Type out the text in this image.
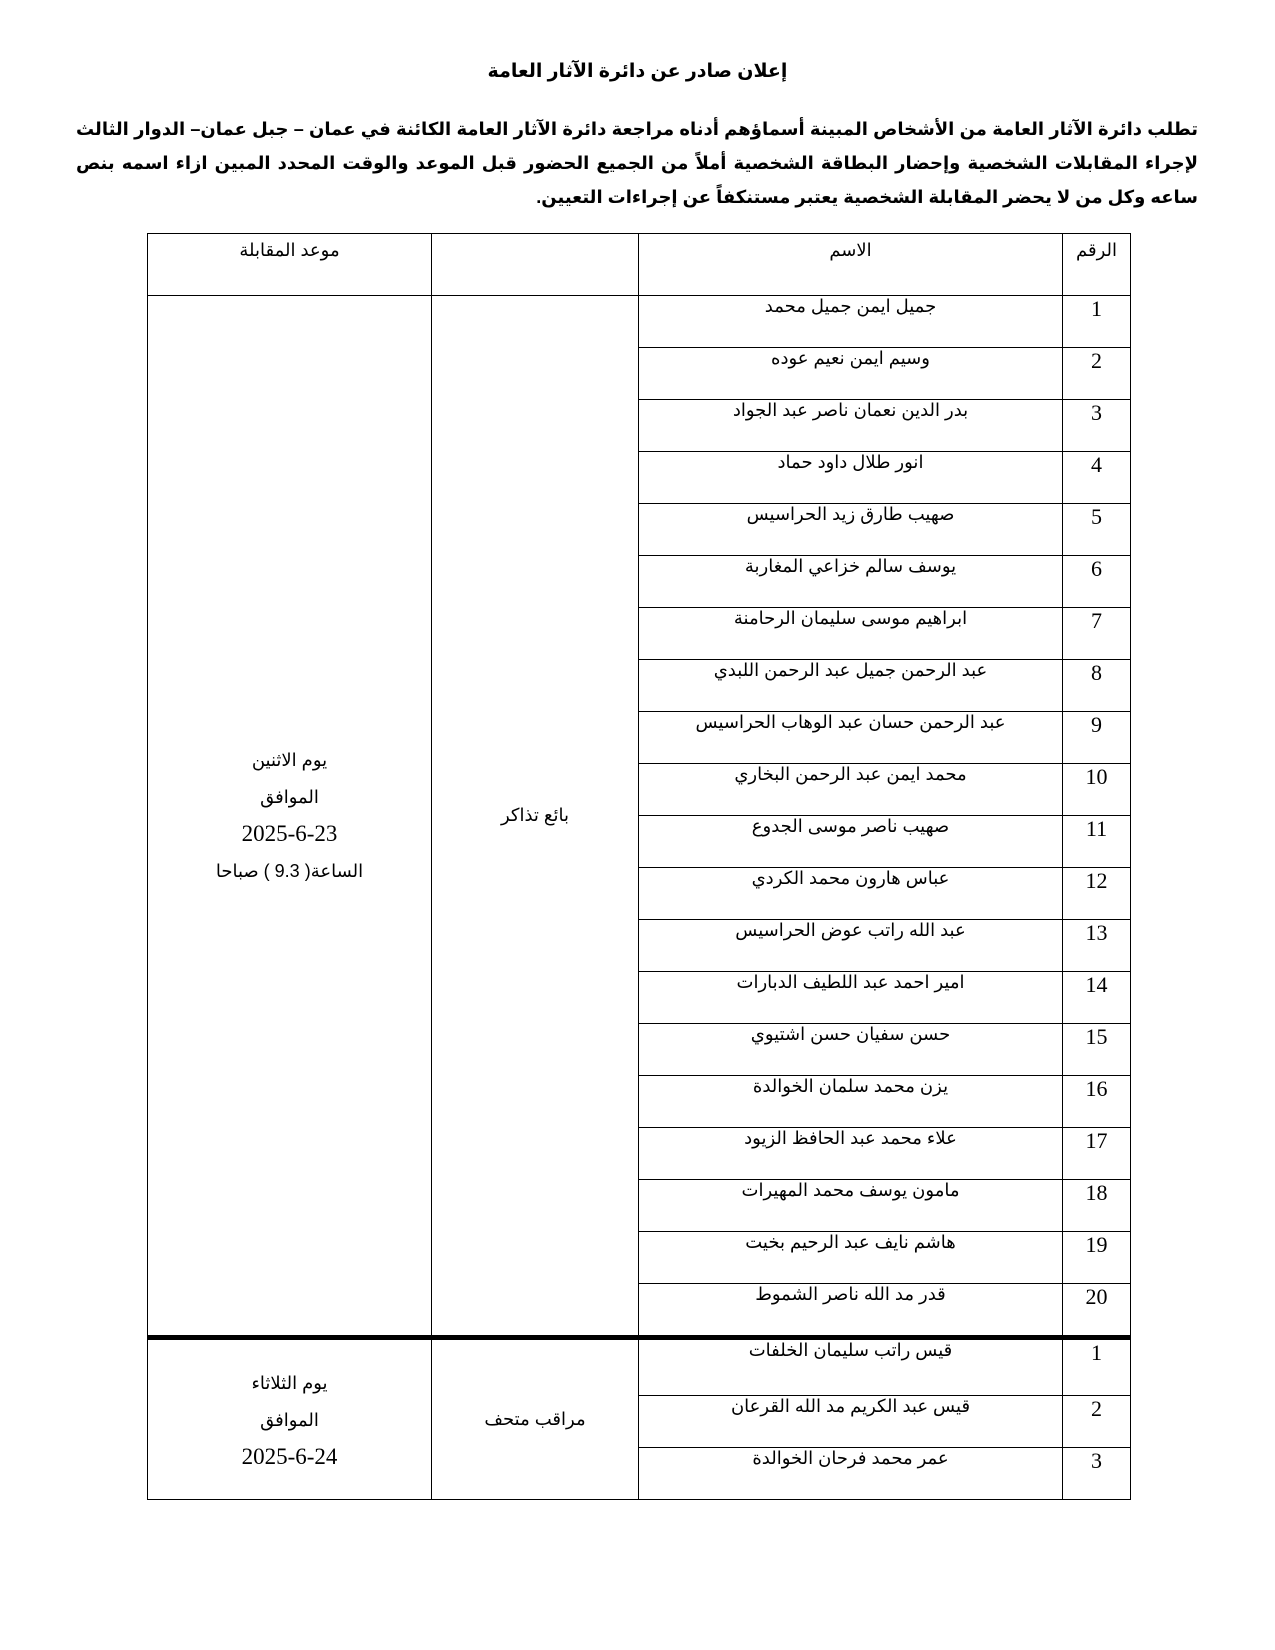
إعلان صادر عن دائرة الآثار العامة
تطلب دائرة الآثار العامة من الأشخاص المبينة أسماؤهم أدناه مراجعة دائرة الآثار العامة الكائنة في عمان – جبل عمان– الدوار الثالث لإجراء المقابلات الشخصية وإحضار البطاقة الشخصية أملاً من الجميع الحضور قبل الموعد والوقت المحدد المبين ازاء اسمه بنص ساعه وكل من لا يحضر المقابلة الشخصية يعتبر مستنكفاً عن إجراءات التعيين.
الرقم	الاسم		موعد المقابلة
1	جميل ايمن جميل محمد	بائع تذاكر	يوم الاثنين
الموافق
2025-6-23
الساعة( 9.3 ) صباحا

2	وسيم ايمن نعيم عوده		
3	بدر الدين نعمان ناصر عبد الجواد		
4	انور طلال داود حماد		
5	صهيب طارق زيد الحراسيس		
6	يوسف سالم خزاعي المغاربة		
7	ابراهيم موسى سليمان الرحامنة		
8	عبد الرحمن جميل عبد الرحمن اللبدي		
9	عبد الرحمن حسان عبد الوهاب الحراسيس		
10	محمد ايمن عبد الرحمن البخاري		
11	صهيب ناصر موسى الجدوع		
12	عباس هارون محمد الكردي		
13	عبد الله راتب عوض الحراسيس		
14	امير احمد عبد اللطيف الدبارات		
15	حسن سفيان حسن اشتيوي		
16	يزن محمد سلمان الخوالدة		
17	علاء محمد عبد الحافظ الزيود		
18	مامون يوسف محمد المهيرات		
19	هاشم نايف عبد الرحيم بخيت		
20	قدر مد الله ناصر الشموط		
1	قيس راتب سليمان الخلفات	مراقب متحف	يوم الثلاثاء
الموافق
2025-6-24

2	قيس عبد الكريم مد الله القرعان		
3	عمر محمد فرحان الخوالدة		
